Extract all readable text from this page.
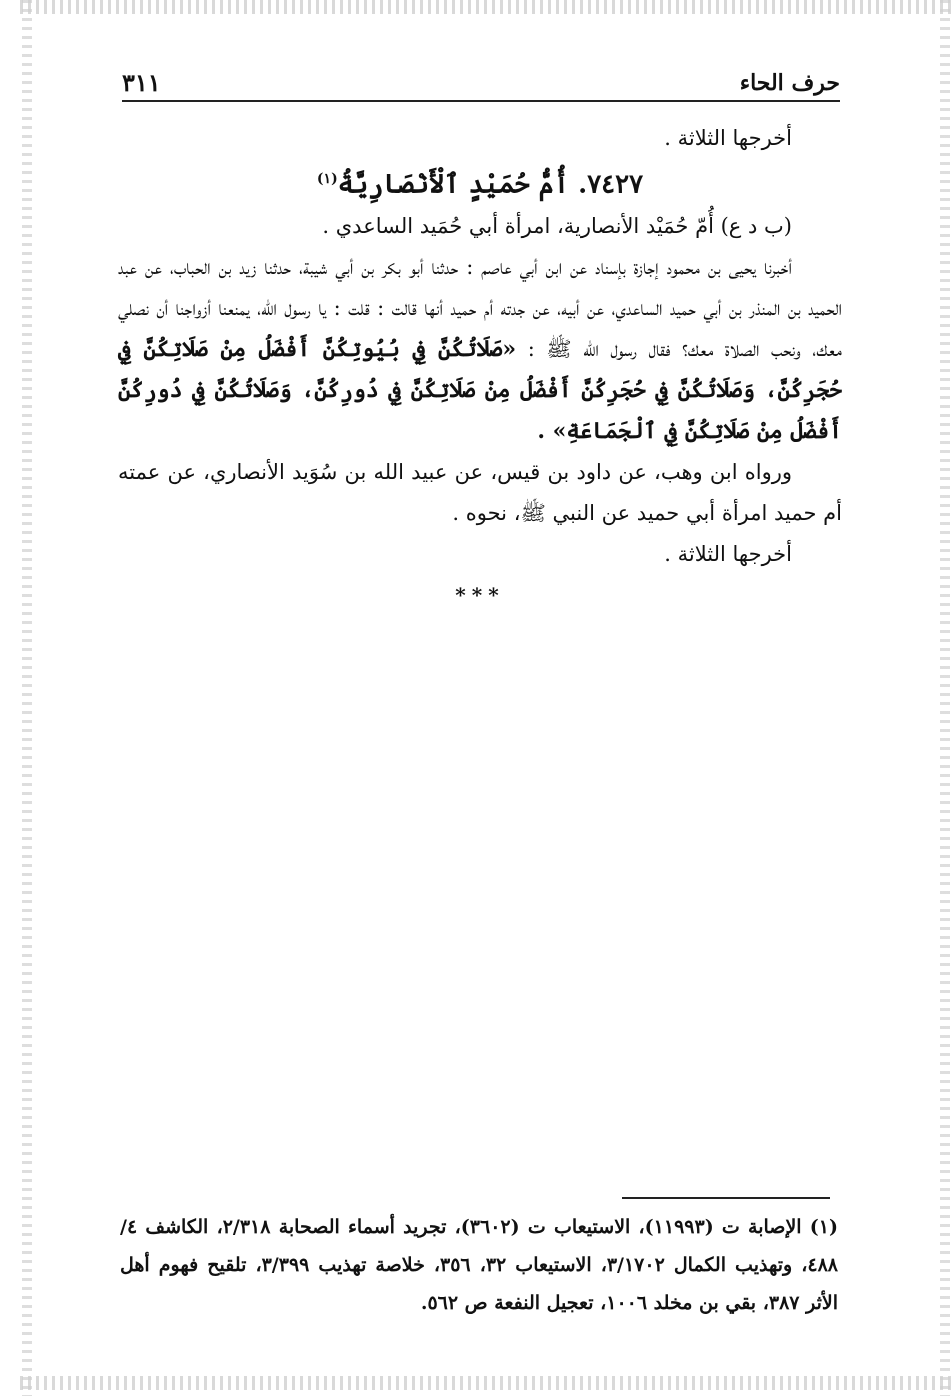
حرف الحاء
٣١١

أخرجها الثلاثة .

٧٤٢٧. أُمُّ حُمَيْدٍ ٱلْأَنْصَارِيَّةُ$^{(١)}$

(ب د ع) أُمّ حُمَيْد الأنصارية، امرأة أبي حُمَيد الساعدي .

أخبرنا يحيى بن محمود إجازة بإسناد عن ابن أبي عاصم : حدثنا أبو بكر بن أبي شيبة، حدثنا زيد بن الحباب، عن عبد الحميد بن المنذر بن أبي حميد الساعدي، عن أبيه، عن جدته أم حميد أنها قالت : قلت : يا رسول الله، يمنعنا أزواجنا أن نصلي معك، ونحب الصلاة معك؟ فقال رسول الله ﷺ : «صَلَاتُكُنَّ فِي بُيُوتِكُنَّ أَفْضَلُ مِنْ صَلَاتِكُنَّ فِي حُجَرِكُنَّ، وَصَلَاتُكُنَّ فِي حُجَرِكُنَّ أَفْضَلُ مِنْ صَلَاتِكُنَّ فِي دُورِكُنَّ، وَصَلَاتُكُنَّ فِي دُورِكُنَّ أَفْضَلُ مِنْ صَلَاتِكُنَّ فِي ٱلْجَمَاعَةِ» .

ورواه ابن وهب، عن داود بن قيس، عن عبيد الله بن سُوَيد الأنصاري، عن عمته أم حميد امرأة أبي حميد عن النبي ﷺ، نحوه .

أخرجها الثلاثة .

***

(١) الإصابة ت (١١٩٩٣)، الاستيعاب ت (٣٦٠٢)، تجريد أسماء الصحابة ٢/٣١٨، الكاشف ٤/ ٤٨٨، وتهذيب الكمال ٣/١٧٠٢، الاستيعاب ٣٢، ٣٥٦، خلاصة تهذيب ٣/٣٩٩، تلقيح فهوم أهل الأثر ٣٨٧، بقي بن مخلد ١٠٠٦، تعجيل النفعة ص ٥٦٢.
